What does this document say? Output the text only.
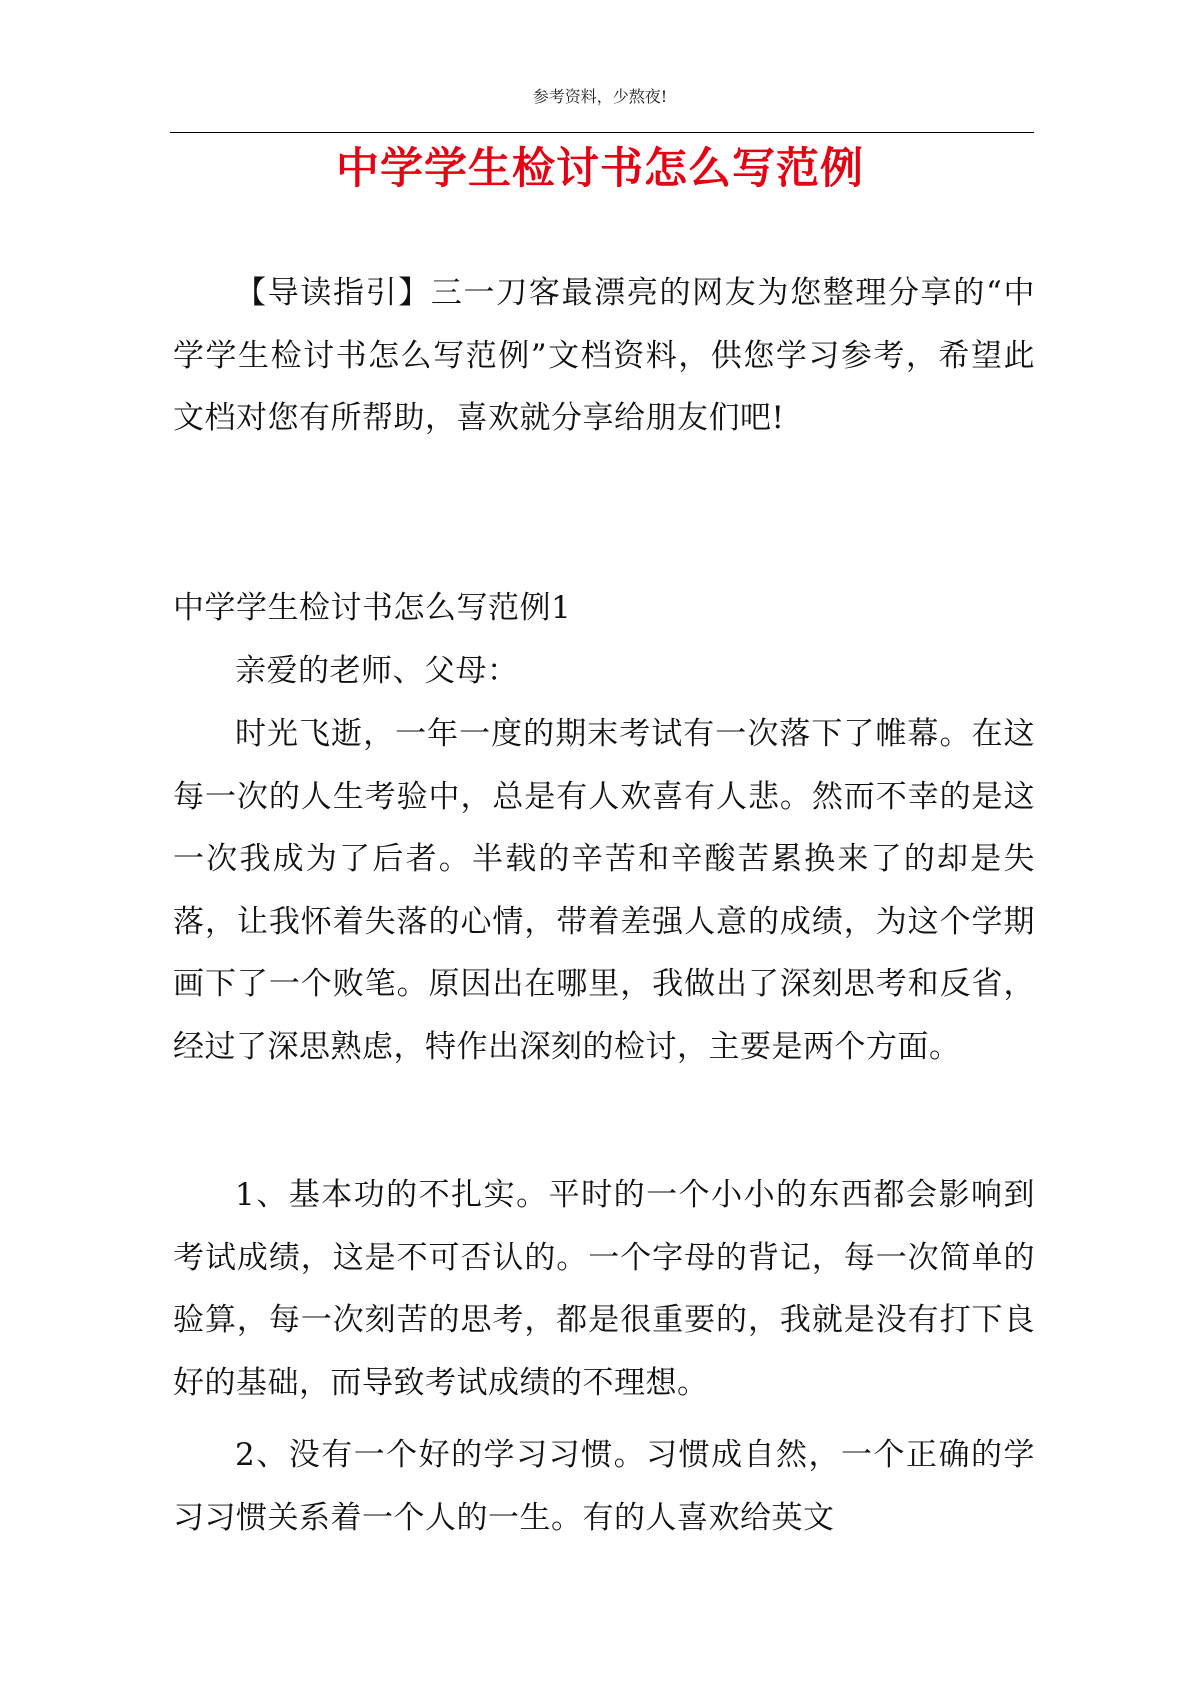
参考资料，少熬夜!
中学学生检讨书怎么写范例

【导读指引】三一刀客最漂亮的网友为您整理分享的“中学学生检讨书怎么写范例”文档资料，供您学习参考，希望此文档对您有所帮助，喜欢就分享给朋友们吧!

中学学生检讨书怎么写范例1

亲爱的老师、父母：

时光飞逝，一年一度的期末考试有一次落下了帷幕。在这每一次的人生考验中，总是有人欢喜有人悲。然而不幸的是这一次我成为了后者。半载的辛苦和辛酸苦累换来了的却是失落，让我怀着失落的心情，带着差强人意的成绩，为这个学期画下了一个败笔。原因出在哪里，我做出了深刻思考和反省，经过了深思熟虑，特作出深刻的检讨，主要是两个方面。

1、基本功的不扎实。平时的一个小小的东西都会影响到考试成绩，这是不可否认的。一个字母的背记，每一次简单的验算，每一次刻苦的思考，都是很重要的，我就是没有打下良好的基础，而导致考试成绩的不理想。

2、没有一个好的学习习惯。习惯成自然，一个正确的学习习惯关系着一个人的一生。有的人喜欢给英文
